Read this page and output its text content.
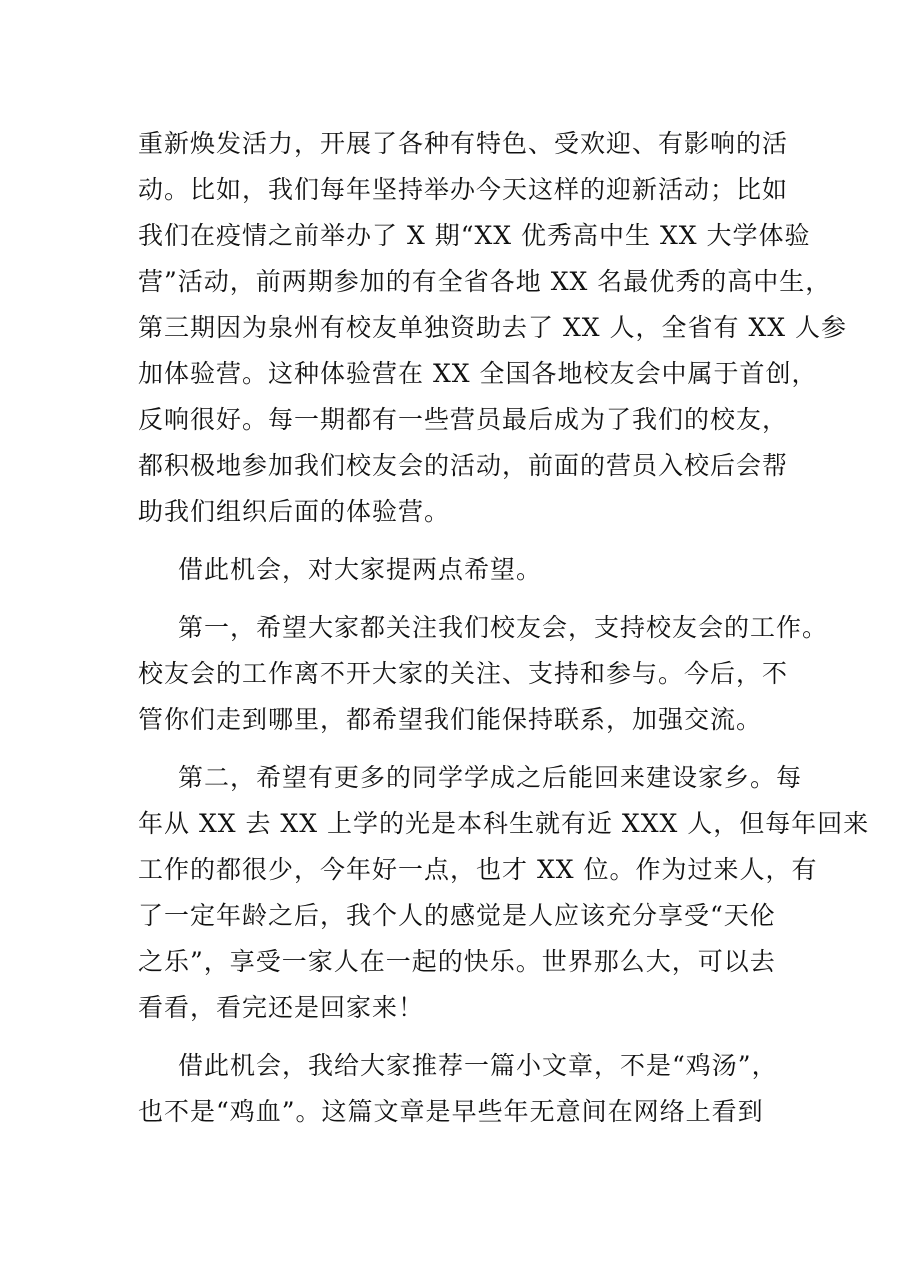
重新焕发活力，开展了各种有特色、受欢迎、有影响的活
动。比如，我们每年坚持举办今天这样的迎新活动；比如
我们在疫情之前举办了 X 期“XX 优秀高中生 XX 大学体验
营”活动，前两期参加的有全省各地 XX 名最优秀的高中生，
第三期因为泉州有校友单独资助去了 XX 人，全省有 XX 人参
加体验营。这种体验营在 XX 全国各地校友会中属于首创，
反响很好。每一期都有一些营员最后成为了我们的校友，
都积极地参加我们校友会的活动，前面的营员入校后会帮
助我们组织后面的体验营。
借此机会，对大家提两点希望。
第一，希望大家都关注我们校友会，支持校友会的工作。
校友会的工作离不开大家的关注、支持和参与。今后，不
管你们走到哪里，都希望我们能保持联系，加强交流。
第二，希望有更多的同学学成之后能回来建设家乡。每
年从 XX 去 XX 上学的光是本科生就有近 XXX 人，但每年回来
工作的都很少，今年好一点，也才 XX 位。作为过来人，有
了一定年龄之后，我个人的感觉是人应该充分享受“天伦
之乐”，享受一家人在一起的快乐。世界那么大，可以去
看看，看完还是回家来！
借此机会，我给大家推荐一篇小文章，不是“鸡汤”，
也不是“鸡血”。这篇文章是早些年无意间在网络上看到
